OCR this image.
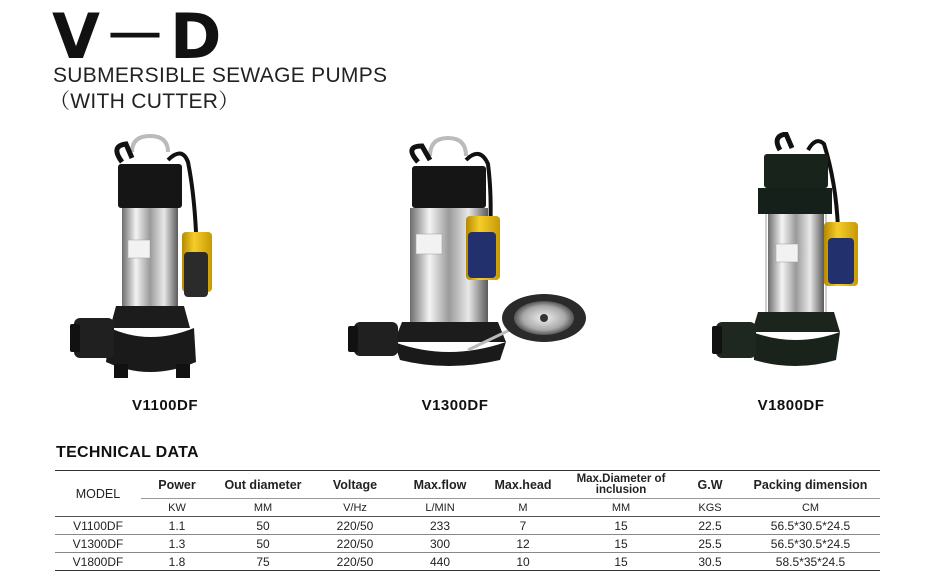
V－D
SUBMERSIBLE SEWAGE PUMPS
（WITH CUTTER）
V1100DF	V1300DF	V1800DF
TECHNICAL DATA
MODEL	Power	Out diameter	Voltage	Max.flow	Max.head	Max.Diameter of inclusion	G.W	Packing dimension
	KW	MM	V/Hz	L/MIN	M	MM	KGS	CM
V1100DF	1.1	50	220/50	233	7	15	22.5	56.5*30.5*24.5
V1300DF	1.3	50	220/50	300	12	15	25.5	56.5*30.5*24.5
V1800DF	1.8	75	220/50	440	10	15	30.5	58.5*35*24.5
